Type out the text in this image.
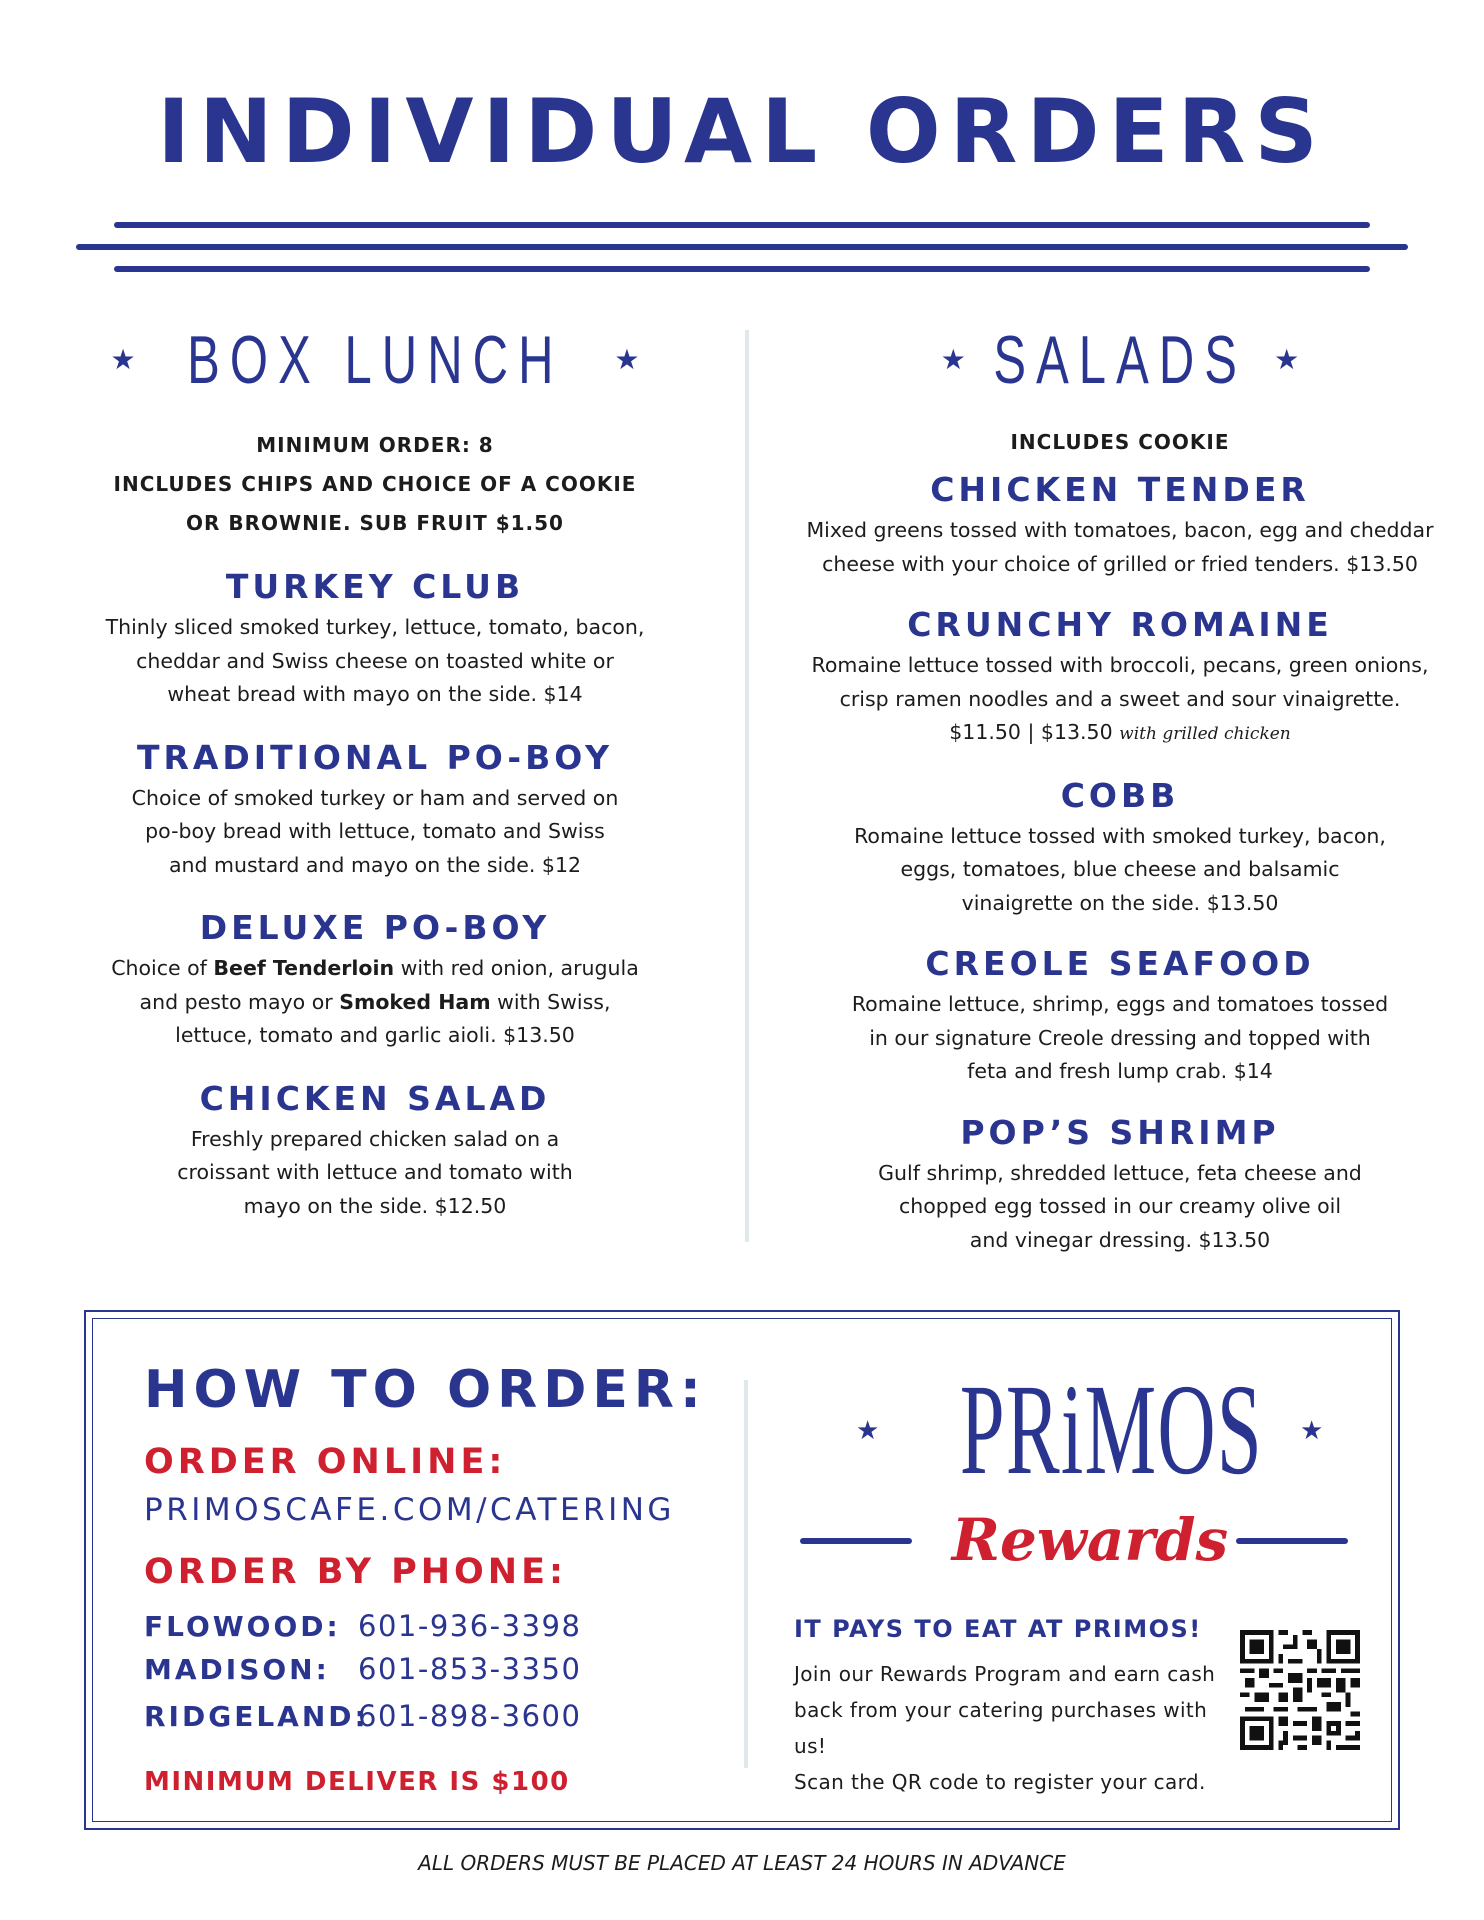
INDIVIDUAL ORDERS
★ BOX LUNCH ★

MINIMUM ORDER: 8

INCLUDES CHIPS AND CHOICE OF A COOKIE

OR BROWNIE. SUB FRUIT $1.50

TURKEY CLUB

Thinly sliced smoked turkey, lettuce, tomato, bacon,

cheddar and Swiss cheese on toasted white or

wheat bread with mayo on the side. $14

TRADITIONAL PO-BOY

Choice of smoked turkey or ham and served on

po-boy bread with lettuce, tomato and Swiss

and mustard and mayo on the side. $12

DELUXE PO-BOY

Choice of Beef Tenderloin with red onion, arugula

and pesto mayo or Smoked Ham with Swiss,

lettuce, tomato and garlic aioli. $13.50

CHICKEN SALAD

Freshly prepared chicken salad on a

croissant with lettuce and tomato with

mayo on the side. $12.50

★ SALADS ★

INCLUDES COOKIE

CHICKEN TENDER

Mixed greens tossed with tomatoes, bacon, egg and cheddar

cheese with your choice of grilled or fried tenders. $13.50

CRUNCHY ROMAINE

Romaine lettuce tossed with broccoli, pecans, green onions,

crisp ramen noodles and a sweet and sour vinaigrette.

$11.50 | $13.50 with grilled chicken

COBB

Romaine lettuce tossed with smoked turkey, bacon,

eggs, tomatoes, blue cheese and balsamic

vinaigrette on the side. $13.50

CREOLE SEAFOOD

Romaine lettuce, shrimp, eggs and tomatoes tossed

in our signature Creole dressing and topped with

feta and fresh lump crab. $14

POP’S SHRIMP

Gulf shrimp, shredded lettuce, feta cheese and

chopped egg tossed in our creamy olive oil

and vinegar dressing. $13.50

HOW TO ORDER:

ORDER ONLINE:

PRIMOSCAFE.COM/CATERING

ORDER BY PHONE:

FLOWOOD: 601-936-3398
MADISON: 601-853-3350
RIDGELAND:
601-898-3600

MINIMUM DELIVER IS $100

★ PRiMOS ★
Rewards

IT PAYS TO EAT AT PRIMOS!

Join our Rewards Program and earn cash
back from your catering purchases with us!
Scan the QR code to register your card.

ALL ORDERS MUST BE PLACED AT LEAST 24 HOURS IN ADVANCE
